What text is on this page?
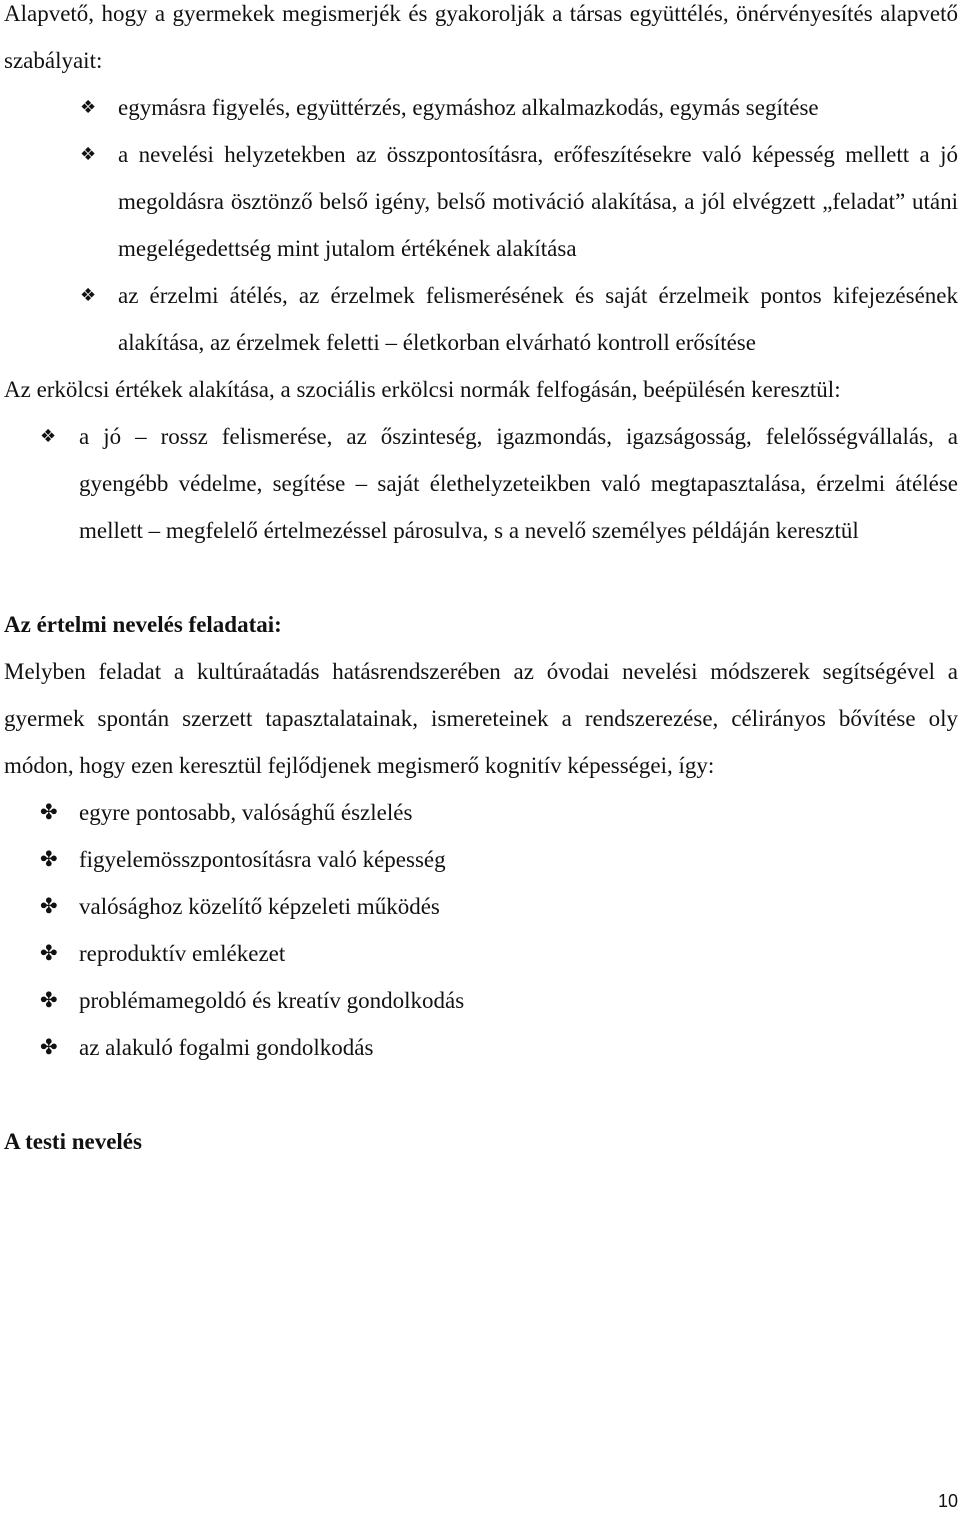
Alapvető, hogy a gyermekek megismerjék és gyakorolják a társas együttélés, önérvényesítés alapvető szabályait:

❖ egymásra figyelés, együttérzés, egymáshoz alkalmazkodás, egymás segítése
❖ a nevelési helyzetekben az összpontosításra, erőfeszítésekre való képesség mellett a jó megoldásra ösztönző belső igény, belső motiváció alakítása, a jól elvégzett „feladat” utáni megelégedettség mint jutalom értékének alakítása
❖ az érzelmi átélés, az érzelmek felismerésének és saját érzelmeik pontos kifejezésének alakítása, az érzelmek feletti – életkorban elvárható kontroll erősítése

Az erkölcsi értékek alakítása, a szociális erkölcsi normák felfogásán, beépülésén keresztül:

❖ a jó – rossz felismerése, az őszinteség, igazmondás, igazságosság, felelősségvállalás, a gyengébb védelme, segítése – saját élethelyzeteikben való megtapasztalása, érzelmi átélése mellett – megfelelő értelmezéssel párosulva, s a nevelő személyes példáján keresztül

Az értelmi nevelés feladatai:

Melyben feladat a kultúraátadás hatásrendszerében az óvodai nevelési módszerek segítségével a gyermek spontán szerzett tapasztalatainak, ismereteinek a rendszerezése, célirányos bővítése oly módon, hogy ezen keresztül fejlődjenek megismerő kognitív képességei, így:

✤ egyre pontosabb, valósághű észlelés
✤ figyelemösszpontosításra való képesség
✤ valósághoz közelítő képzeleti működés
✤ reproduktív emlékezet
✤ problémamegoldó és kreatív gondolkodás
✤ az alakuló fogalmi gondolkodás

A testi nevelés

10
